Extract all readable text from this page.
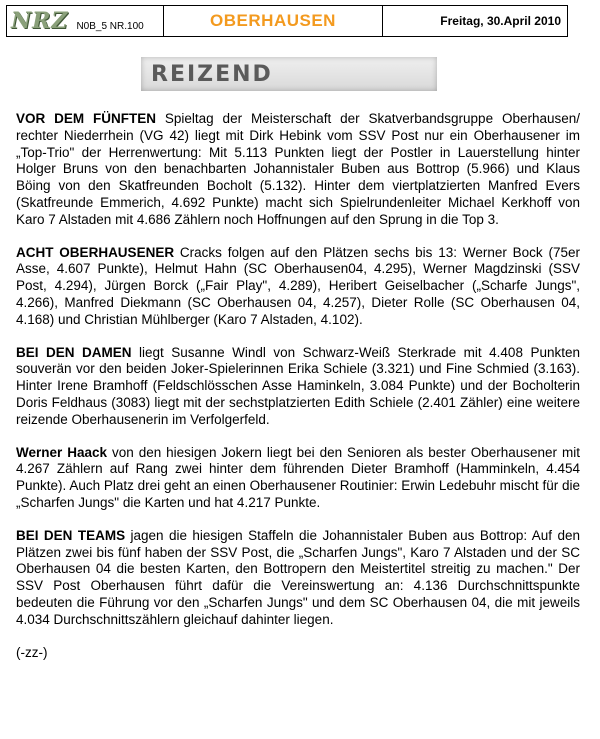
NRZ N0B_5 NR.100	OBERHAUSEN	Freitag, 30.April 2010
REIZEND

VOR DEM FÜNFTEN Spieltag der Meisterschaft der Skatverbandsgruppe Oberhausen/ rechter Niederrhein (VG 42) liegt mit Dirk Hebink vom SSV Post nur ein Oberhausener im „Top-Trio" der Herrenwertung: Mit 5.113 Punkten liegt der Postler in Lauerstellung hinter Holger Bruns von den benachbarten Johannistaler Buben aus Bottrop (5.966) und Klaus Böing von den Skatfreunden Bocholt (5.132). Hinter dem viertplatzierten Manfred Evers (Skatfreunde Emmerich, 4.692 Punkte) macht sich Spielrundenleiter Michael Kerkhoff von Karo 7 Alstaden mit 4.686 Zählern noch Hoffnungen auf den Sprung in die Top 3.

ACHT OBERHAUSENER Cracks folgen auf den Plätzen sechs bis 13: Werner Bock (75er Asse, 4.607 Punkte), Helmut Hahn (SC Oberhausen04, 4.295), Werner Magdzinski (SSV Post, 4.294), Jürgen Borck („Fair Play", 4.289), Heribert Geiselbacher („Scharfe Jungs", 4.266), Manfred Diekmann (SC Oberhausen 04, 4.257), Dieter Rolle (SC Oberhausen 04, 4.168) und Christian Mühlberger (Karo 7 Alstaden, 4.102).

BEI DEN DAMEN liegt Susanne Windl von Schwarz-Weiß Sterkrade mit 4.408 Punkten souverän vor den beiden Joker-Spielerinnen Erika Schiele (3.321) und Fine Schmied (3.163). Hinter Irene Bramhoff (Feldschlösschen Asse Haminkeln, 3.084 Punkte) und der Bocholterin Doris Feldhaus (3083) liegt mit der sechstplatzierten Edith Schiele (2.401 Zähler) eine weitere reizende Oberhausenerin im Verfolgerfeld.

Werner Haack von den hiesigen Jokern liegt bei den Senioren als bester Oberhausener mit 4.267 Zählern auf Rang zwei hinter dem führenden Dieter Bramhoff (Hamminkeln, 4.454 Punkte). Auch Platz drei geht an einen Oberhausener Routinier: Erwin Ledebuhr mischt für die „Scharfen Jungs" die Karten und hat 4.217 Punkte.

BEI DEN TEAMS jagen die hiesigen Staffeln die Johannistaler Buben aus Bottrop: Auf den Plätzen zwei bis fünf haben der SSV Post, die „Scharfen Jungs", Karo 7 Alstaden und der SC Oberhausen 04 die besten Karten, den Bottropern den Meistertitel streitig zu machen." Der SSV Post Oberhausen führt dafür die Vereinswertung an: 4.136 Durchschnittspunkte bedeuten die Führung vor den „Scharfen Jungs" und dem SC Oberhausen 04, die mit jeweils 4.034 Durchschnittszählern gleichauf dahinter liegen.

(-zz-)
